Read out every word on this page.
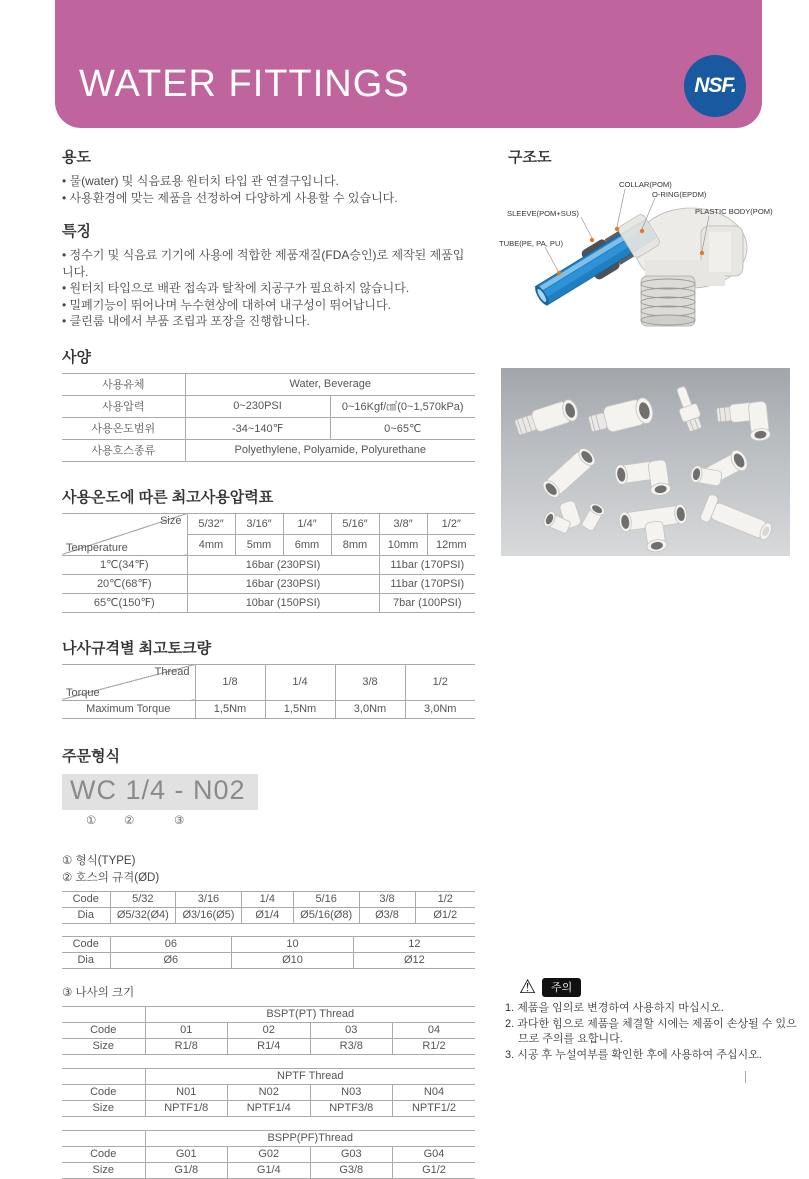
WATER FITTINGS	NSF.
용도
• 물(water) 및 식음료용 원터치 타입 관 연결구입니다.
• 사용환경에 맞는 제품을 선정하여 다양하게 사용할 수 있습니다.
특징
• 정수기 및 식음료 기기에 사용에 적합한 제품재질(FDA승인)로 제작된 제품입니다.
• 원터치 타입으로 배관 접속과 탈착에 치공구가 필요하지 않습니다.
• 밀폐기능이 뛰어나며 누수현상에 대하여 내구성이 뛰어납니다.
• 클린룸 내에서 부품 조립과 포장을 진행합니다.
사양
사용유체	Water, Beverage	
사용압력	0~230PSI	0~16Kgf/㎠(0~1,570kPa)
사용온도범위	-34~140℉	0~65℃
사용호스종류	Polyethylene, Polyamide, Polyurethane	
사용온도에 따른 최고사용압력표
Size
Temperature	5/32″	3/16″	1/4″	5/16″	3/8″	1/2″
	4mm	5mm	6mm	8mm	10mm	12mm
1℃(34℉)	16bar (230PSI)				11bar (170PSI)	
20℃(68℉)	16bar (230PSI)				11bar (170PSI)	
65℃(150℉)	10bar (150PSI)				7bar (100PSI)	
나사규격별 최고토크량
Thread
Torque	1/8	1/4	3/8	1/2
Maximum Torque	1,5Nm	1,5Nm	3,0Nm	3,0Nm
주문형식
WC 1/4 - N02
① ②	③
① 형식(TYPE)
② 호스의 규격(ØD)
Code	5/32	3/16	1/4	5/16	3/8	1/2
Dia	Ø5/32(Ø4)	Ø3/16(Ø5)	Ø1/4	Ø5/16(Ø8)	Ø3/8	Ø1/2
Code	06	10	12
Dia	Ø6	Ø10	Ø12
③ 나사의 크기
	BSPT(PT) Thread			
Code	01	02	03	04
Size	R1/8	R1/4	R3/8	R1/2
	NPTF Thread			
Code	N01	N02	N03	N04
Size	NPTF1/8	NPTF1/4	NPTF3/8	NPTF1/2
	BSPP(PF)Thread			
Code	G01	G02	G03	G04
Size	G1/8	G1/4	G3/8	G1/2
구조도
COLLAR(POM)
O-RING(EPDM)
SLEEVE(POM+SUS)	PLASTIC BODY(POM)
TUBE(PE, PA, PU)
⚠	주의
1. 제품을 임의로 변경하여 사용하지 마십시오.
2. 과다한 힘으로 제품을 체결할 시에는 제품이 손상될 수 있으므로 주의를 요합니다.
3. 시공 후 누설여부를 확인한 후에 사용하여 주십시오.
